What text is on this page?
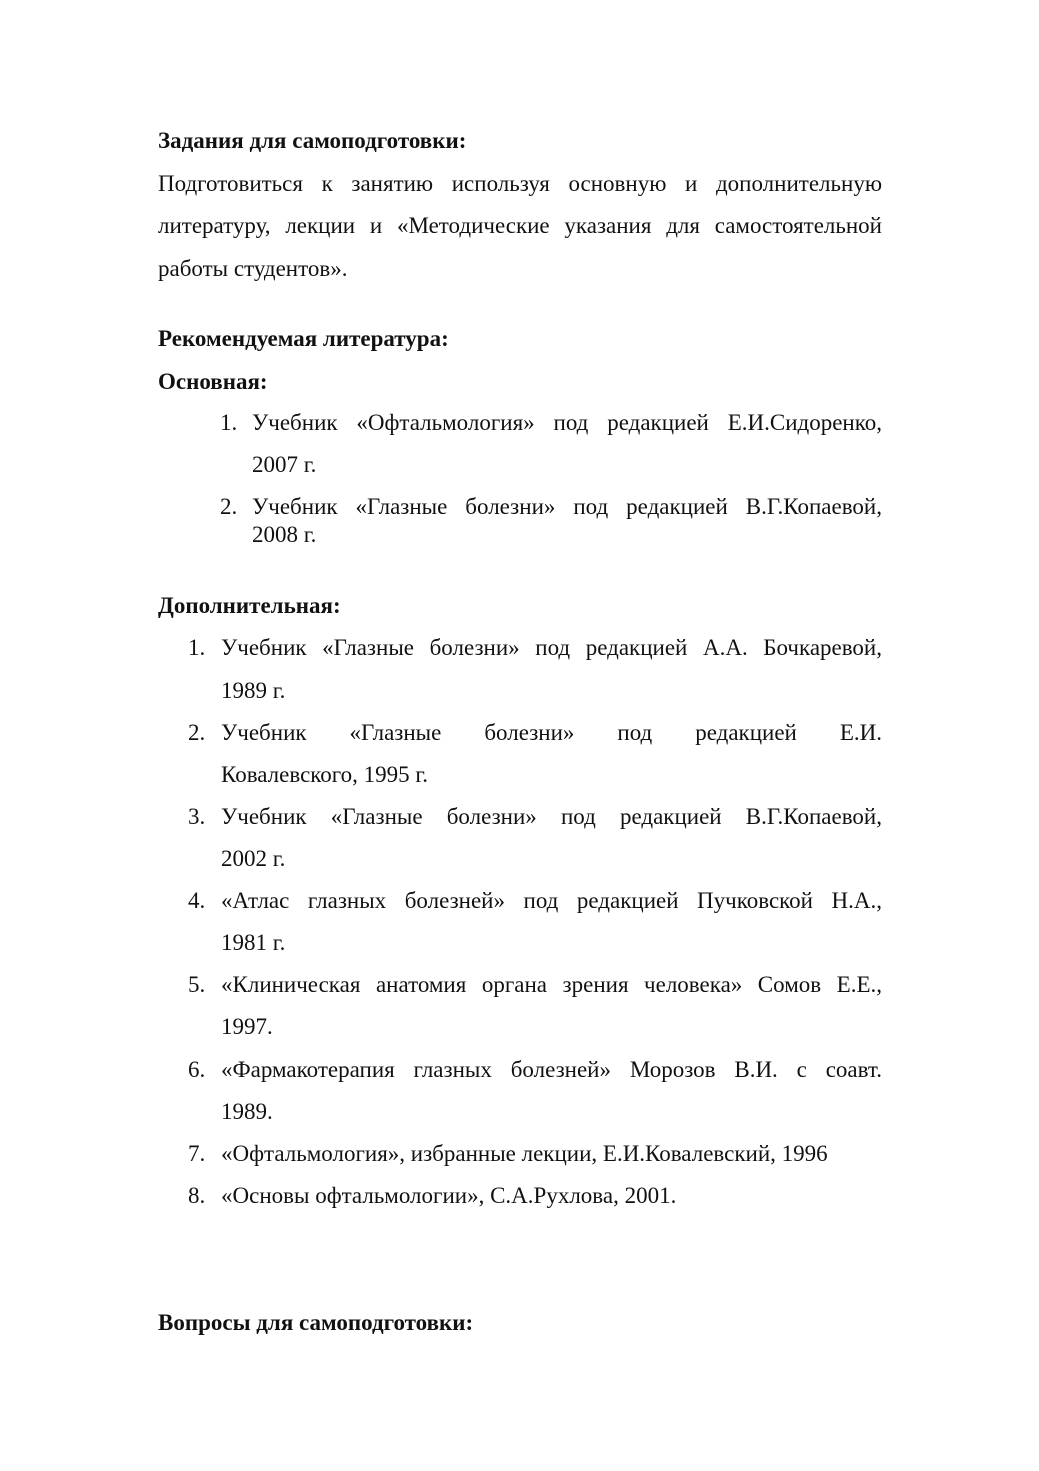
Задания для самоподготовки:
Подготовиться к занятию используя основную и дополнительную
литературу, лекции и «Методические указания для самостоятельной
работы студентов».
Рекомендуемая литература:
Основная:
1. Учебник «Офтальмология» под редакцией Е.И.Сидоренко,
2007 г.
2. Учебник «Глазные болезни» под редакцией В.Г.Копаевой,
2008 г.
Дополнительная:
1. Учебник «Глазные болезни» под редакцией А.А. Бочкаревой,
1989 г.
2. Учебник «Глазные болезни» под редакцией Е.И.
Ковалевского, 1995 г.
3. Учебник «Глазные болезни» под редакцией В.Г.Копаевой,
2002 г.
4. «Атлас глазных болезней» под редакцией Пучковской Н.А.,
1981 г.
5. «Клиническая анатомия органа зрения человека» Сомов Е.Е.,
1997.
6. «Фармакотерапия глазных болезней» Морозов В.И. с соавт.
1989.
7. «Офтальмология», избранные лекции, Е.И.Ковалевский, 1996
8. «Основы офтальмологии», С.А.Рухлова, 2001.
Вопросы для самоподготовки:
